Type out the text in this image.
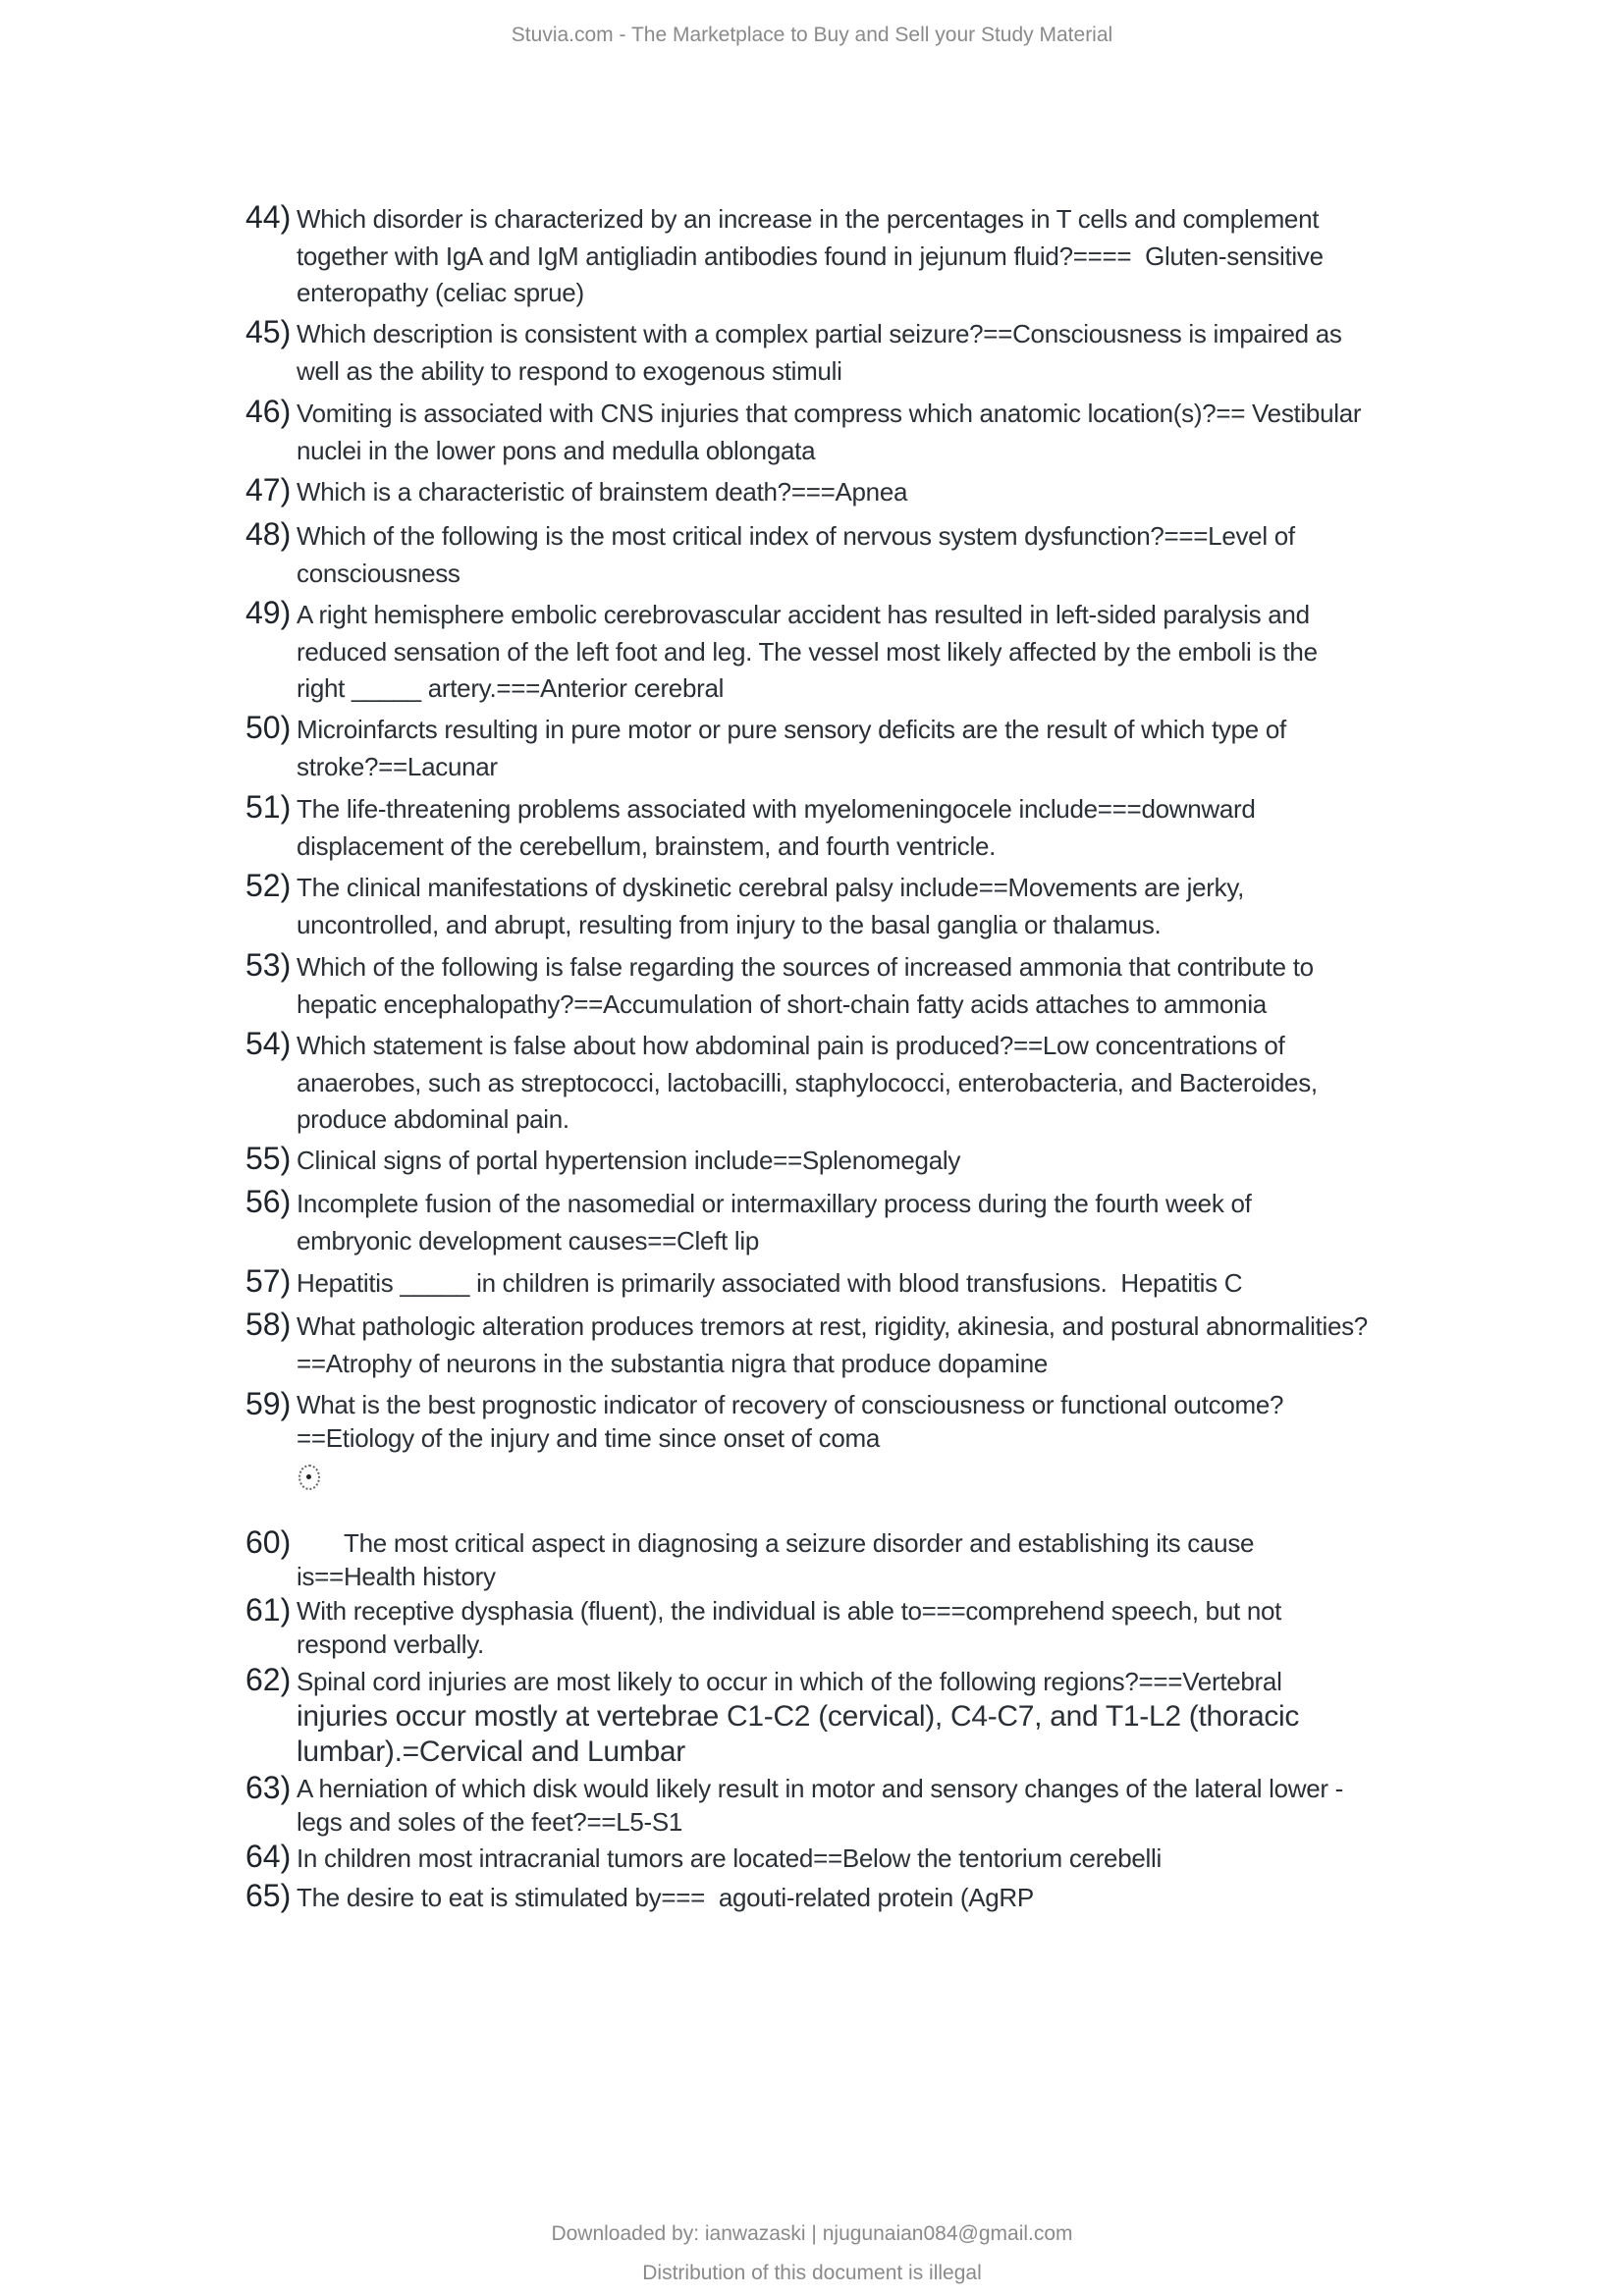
Stuvia.com - The Marketplace to Buy and Sell your Study Material
44) Which disorder is characterized by an increase in the percentages in T cells and complement
together with IgA and IgM antigliadin antibodies found in jejunum fluid?====  Gluten-sensitive
enteropathy (celiac sprue)
45) Which description is consistent with a complex partial seizure?==Consciousness is impaired as
well as the ability to respond to exogenous stimuli
46) Vomiting is associated with CNS injuries that compress which anatomic location(s)?== Vestibular
nuclei in the lower pons and medulla oblongata
47) Which is a characteristic of brainstem death?===Apnea
48) Which of the following is the most critical index of nervous system dysfunction?===Level of
consciousness
49) A right hemisphere embolic cerebrovascular accident has resulted in left-sided paralysis and
reduced sensation of the left foot and leg. The vessel most likely affected by the emboli is the
right _____ artery.===Anterior cerebral
50) Microinfarcts resulting in pure motor or pure sensory deficits are the result of which type of
stroke?==Lacunar
51) The life-threatening problems associated with myelomeningocele include===downward
displacement of the cerebellum, brainstem, and fourth ventricle.
52) The clinical manifestations of dyskinetic cerebral palsy include==Movements are jerky,
uncontrolled, and abrupt, resulting from injury to the basal ganglia or thalamus.
53) Which of the following is false regarding the sources of increased ammonia that contribute to
hepatic encephalopathy?==Accumulation of short-chain fatty acids attaches to ammonia
54) Which statement is false about how abdominal pain is produced?==Low concentrations of
anaerobes, such as streptococci, lactobacilli, staphylococci, enterobacteria, and Bacteroides,
produce abdominal pain.
55) Clinical signs of portal hypertension include==Splenomegaly
56) Incomplete fusion of the nasomedial or intermaxillary process during the fourth week of
embryonic development causes==Cleft lip
57) Hepatitis _____ in children is primarily associated with blood transfusions.  Hepatitis C
58) What pathologic alteration produces tremors at rest, rigidity, akinesia, and postural abnormalities?
==Atrophy of neurons in the substantia nigra that produce dopamine
59) What is the best prognostic indicator of recovery of consciousness or functional outcome?
==Etiology of the injury and time since onset of coma
60) The most critical aspect in diagnosing a seizure disorder and establishing its cause
is==Health history
61) With receptive dysphasia (fluent), the individual is able to===comprehend speech, but not
respond verbally.
62) Spinal cord injuries are most likely to occur in which of the following regions?===Vertebral
injuries occur mostly at vertebrae C1-C2 (cervical), C4-C7, and T1-L2 (thoracic
lumbar).=Cervical and Lumbar
63) A herniation of which disk would likely result in motor and sensory changes of the lateral lower -
legs and soles of the feet?==L5-S1
64) In children most intracranial tumors are located==Below the tentorium cerebelli
65) The desire to eat is stimulated by===  agouti-related protein (AgRP
Downloaded by: ianwazaski | njugunaian084@gmail.com
Distribution of this document is illegal
